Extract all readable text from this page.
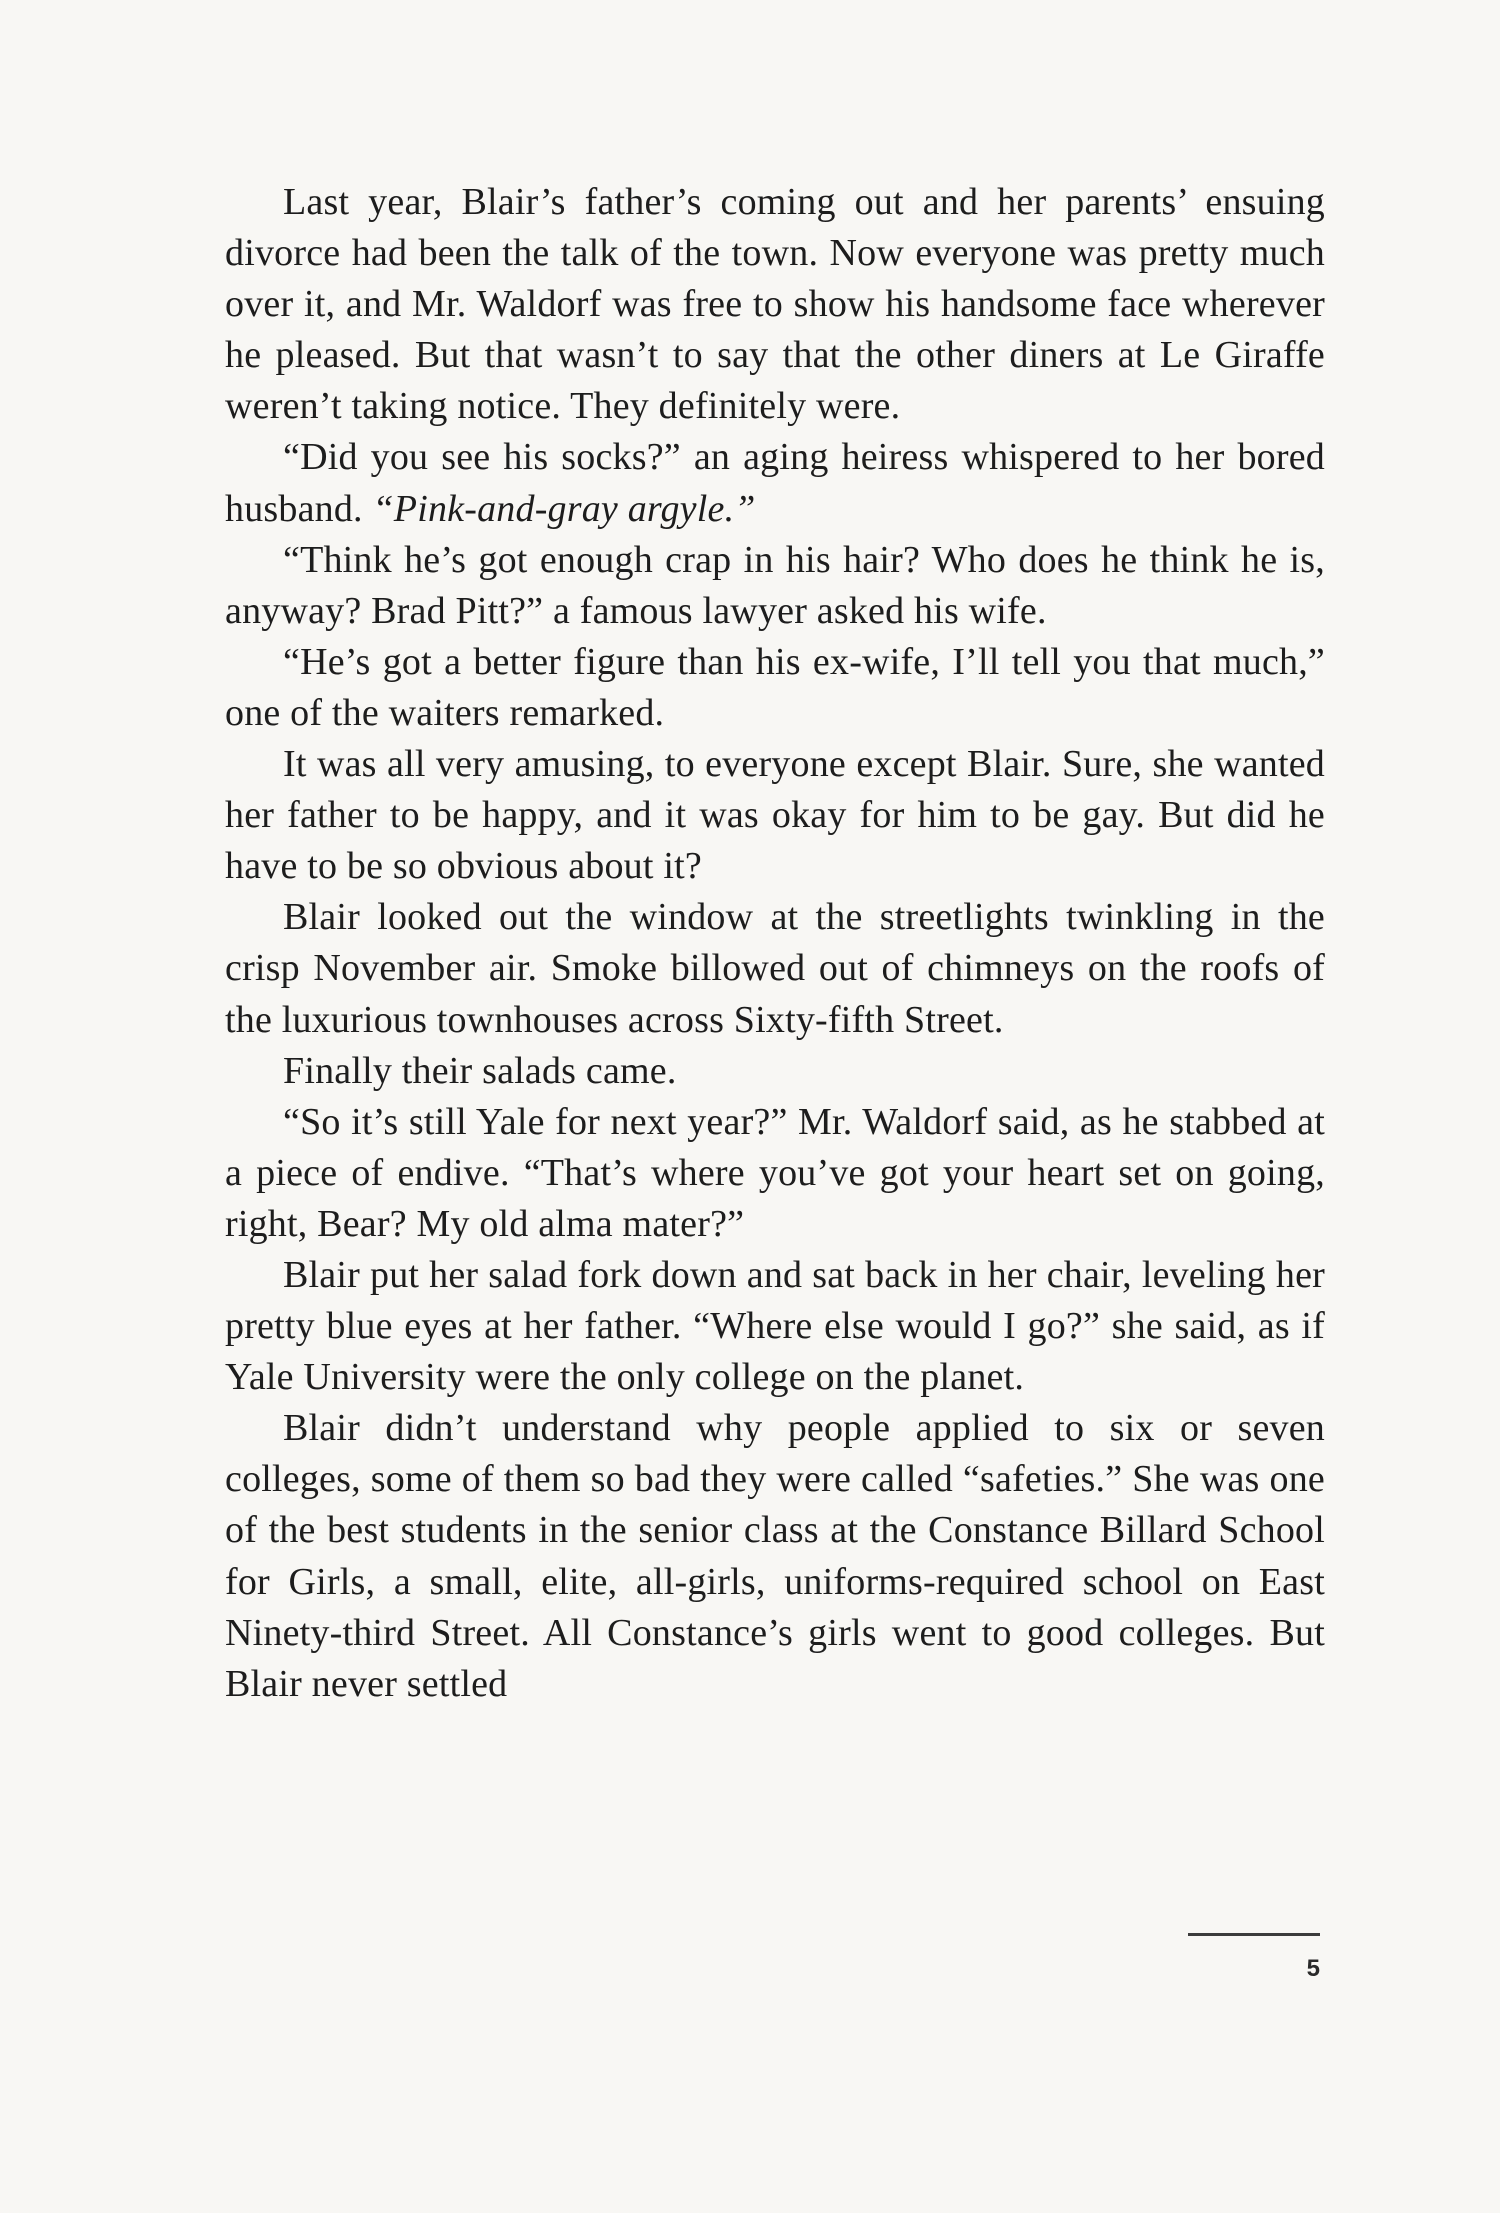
Last year, Blair’s father’s coming out and her parents’ ensuing divorce had been the talk of the town. Now everyone was pretty much over it, and Mr. Waldorf was free to show his handsome face wherever he pleased. But that wasn’t to say that the other diners at Le Giraffe weren’t taking notice. They definitely were.

“Did you see his socks?” an aging heiress whispered to her bored husband. “Pink-and-gray argyle.”

“Think he’s got enough crap in his hair? Who does he think he is, anyway? Brad Pitt?” a famous lawyer asked his wife.

“He’s got a better figure than his ex-wife, I’ll tell you that much,” one of the waiters remarked.

It was all very amusing, to everyone except Blair. Sure, she wanted her father to be happy, and it was okay for him to be gay. But did he have to be so obvious about it?

Blair looked out the window at the streetlights twinkling in the crisp November air. Smoke billowed out of chimneys on the roofs of the luxurious townhouses across Sixty-fifth Street.

Finally their salads came.

“So it’s still Yale for next year?” Mr. Waldorf said, as he stabbed at a piece of endive. “That’s where you’ve got your heart set on going, right, Bear? My old alma mater?”

Blair put her salad fork down and sat back in her chair, leveling her pretty blue eyes at her father. “Where else would I go?” she said, as if Yale University were the only college on the planet.

Blair didn’t understand why people applied to six or seven colleges, some of them so bad they were called “safeties.” She was one of the best students in the senior class at the Constance Billard School for Girls, a small, elite, all-girls, uniforms-required school on East Ninety-third Street. All Constance’s girls went to good colleges. But Blair never settled

5
